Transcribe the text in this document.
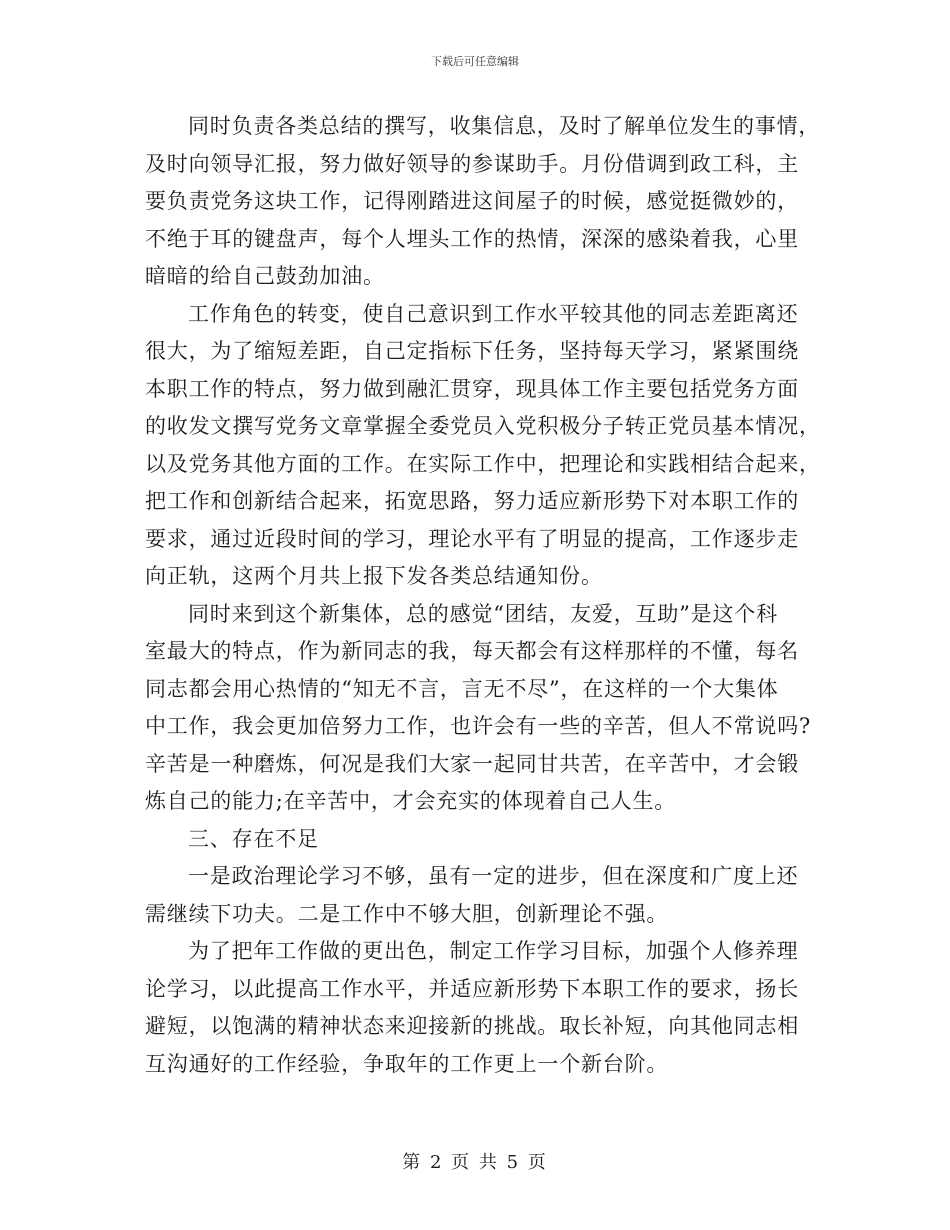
下载后可任意编辑
同时负责各类总结的撰写，收集信息，及时了解单位发生的事情，
及时向领导汇报，努力做好领导的参谋助手。月份借调到政工科，主
要负责党务这块工作，记得刚踏进这间屋子的时候，感觉挺微妙的，
不绝于耳的键盘声，每个人埋头工作的热情，深深的感染着我，心里
暗暗的给自己鼓劲加油。
工作角色的转变，使自己意识到工作水平较其他的同志差距离还
很大，为了缩短差距，自己定指标下任务，坚持每天学习，紧紧围绕
本职工作的特点，努力做到融汇贯穿，现具体工作主要包括党务方面
的收发文撰写党务文章掌握全委党员入党积极分子转正党员基本情况，
以及党务其他方面的工作。在实际工作中，把理论和实践相结合起来，
把工作和创新结合起来，拓宽思路，努力适应新形势下对本职工作的
要求，通过近段时间的学习，理论水平有了明显的提高，工作逐步走
向正轨，这两个月共上报下发各类总结通知份。
同时来到这个新集体，总的感觉“团结，友爱，互助”是这个科
室最大的特点，作为新同志的我，每天都会有这样那样的不懂，每名
同志都会用心热情的“知无不言，言无不尽”，在这样的一个大集体
中工作，我会更加倍努力工作，也许会有一些的辛苦，但人不常说吗?
辛苦是一种磨炼，何况是我们大家一起同甘共苦，在辛苦中，才会锻
炼自己的能力;在辛苦中，才会充实的体现着自己人生。
三、存在不足
一是政治理论学习不够，虽有一定的进步，但在深度和广度上还
需继续下功夫。二是工作中不够大胆，创新理论不强。
为了把年工作做的更出色，制定工作学习目标，加强个人修养理
论学习，以此提高工作水平，并适应新形势下本职工作的要求，扬长
避短，以饱满的精神状态来迎接新的挑战。取长补短，向其他同志相
互沟通好的工作经验，争取年的工作更上一个新台阶。
第 2 页 共 5 页
